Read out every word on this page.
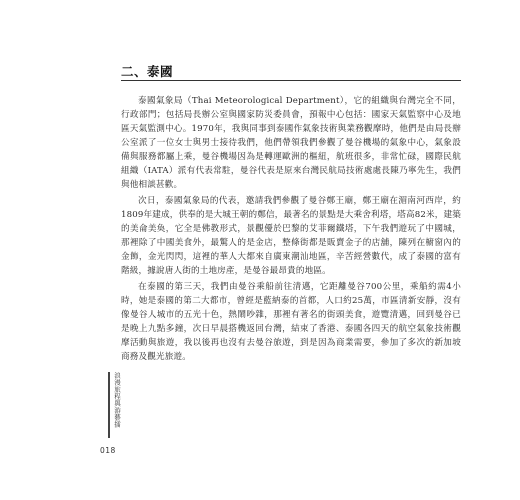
二、泰國

泰國氣象局（Thai Meteorological Department），它的組織與台灣完全不同，行政部門；包括局長辦公室與國家防災委員會，預報中心包括：國家天氣監察中心及地區天氣監測中心。1970年，我與同事到泰國作氣象技術與業務觀摩時，他們是由局長辦公室派了一位女士與男士接待我們，他們帶領我們參觀了曼谷機場的氣象中心，氣象設備與服務都屬上乘，曼谷機場因為是轉運歐洲的樞紐，航班很多，非常忙碌，國際民航組織（IATA）派有代表常駐，曼谷代表是原來台灣民航局技術處處長陳乃寧先生，我們與他相談甚歡。

次日，泰國氣象局的代表，邀請我們參觀了曼谷鄭王廟，鄭王廟在湄南河西岸，約1809年建成，供奉的是大城王朝的鄭信，最著名的景點是大乘舍利塔，塔高82米，建築的美侖美奐，它全是佛教形式，景觀優於巴黎的艾菲爾鐵塔，下午我們遊玩了中國城，那裡除了中國美食外，最驚人的是金店，整條街都是販賣金子的店舖，陳列在櫥窗內的金飾，金光閃閃，這裡的華人大都來自廣東潮汕地區，辛苦經營數代，成了泰國的富有階級，據說唐人街的土地房產，是曼谷最昂貴的地區。

在泰國的第三天，我們由曼谷乘船前往清邁，它距離曼谷700公里，乘船約需4小時，她是泰國的第二大都市，曾經是藍納泰的首都，人口約25萬，市區清新安靜，沒有像曼谷人城市的五光十色，熱鬧吵雜，那裡有著名的街頭美食，遊覽清邁，回到曼谷已是晚上九點多鐘，次日早晨搭機返回台灣，結束了香港、泰國各四天的航空氣象技術觀摩活動與旅遊，我以後再也沒有去曼谷旅遊，到是因為商業需要，參加了多次的新加坡商務及觀光旅遊。

浪漫旅程與游藝擂
018
